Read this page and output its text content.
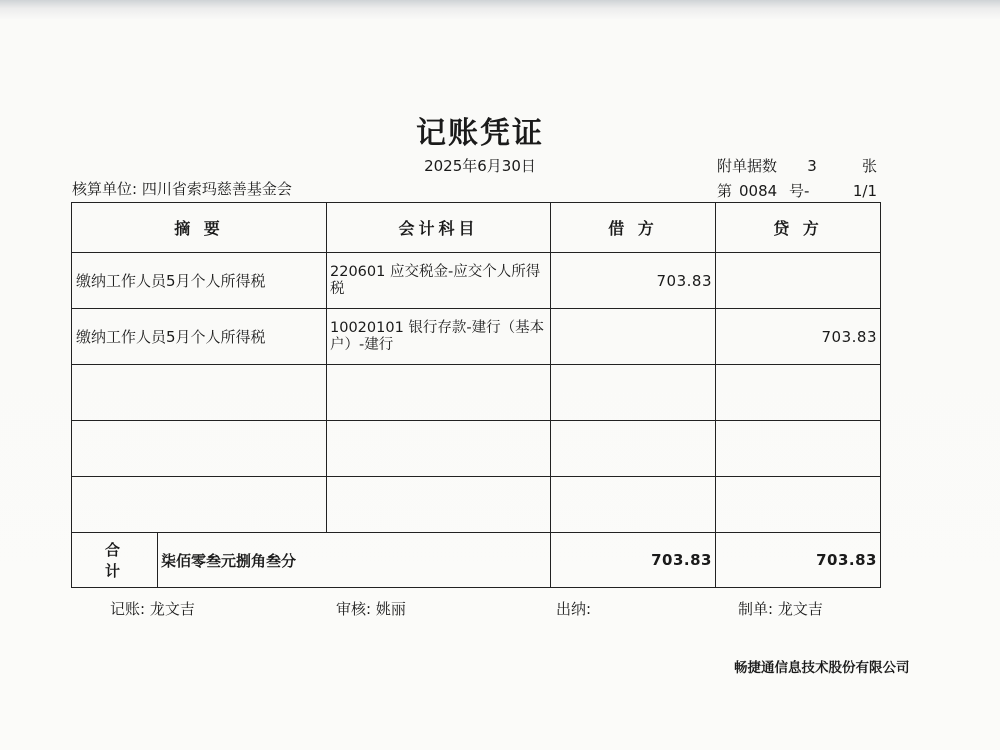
记账凭证
2025年6月30日	附单据数 3	张
核算单位: 四川省索玛慈善基金会	第 0084 号-	1/1
摘 要		会计科目	借 方	贷 方
缴纳工作人员5月个人所得税		220601 应交税金-应交个人所得税	703.83	
缴纳工作人员5月个人所得税		10020101 银行存款-建行（基本户）-建行		703.83

合 计	柒佰零叁元捌角叁分		703.83	703.83
记账: 龙文吉	审核: 姚丽	出纳:	制单: 龙文吉
畅捷通信息技术股份有限公司
